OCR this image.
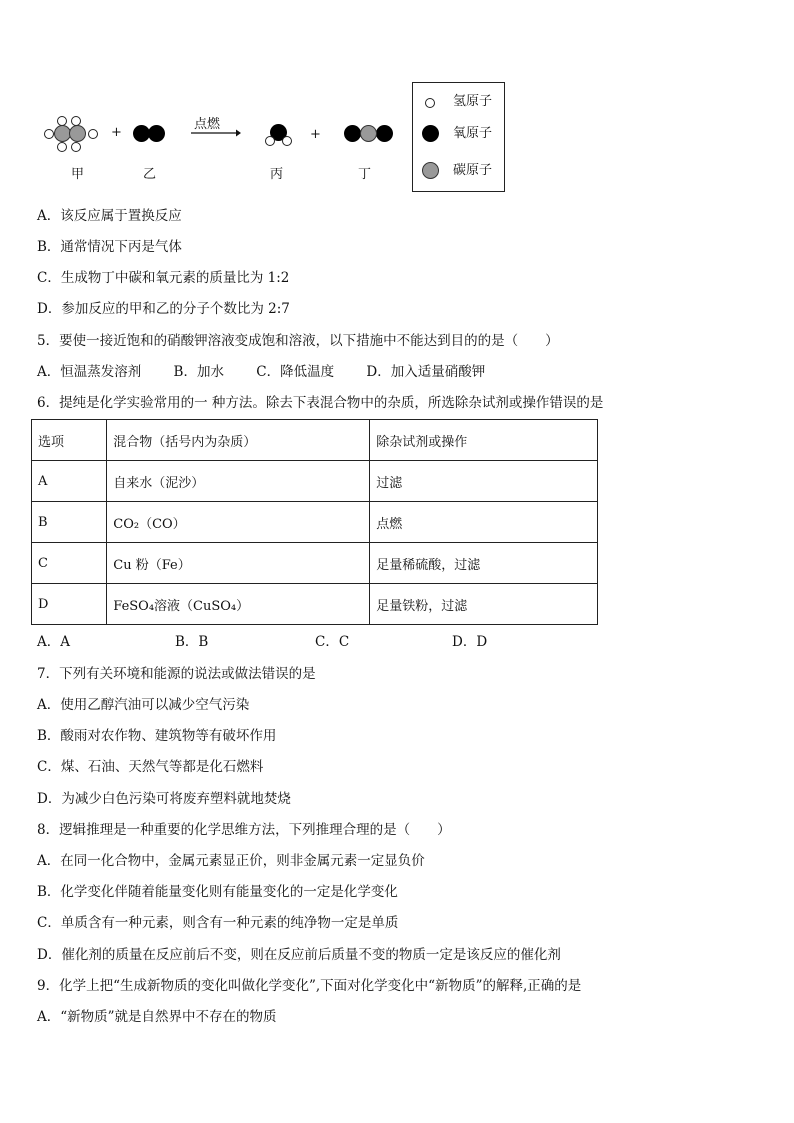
甲
+
乙
点燃
丙
+
丁
氢原子
氧原子
碳原子
A．该反应属于置换反应
B．通常情况下丙是气体
C．生成物丁中碳和氧元素的质量比为 1:2
D．参加反应的甲和乙的分子个数比为 2:7
5．要使一接近饱和的硝酸钾溶液变成饱和溶液，以下措施中不能达到目的的是（　　）
A．恒温蒸发溶剂 B．加水 C．降低温度 D．加入适量硝酸钾
6．提纯是化学实验常用的一 种方法。除去下表混合物中的杂质，所选除杂试剂或操作错误的是
选项	混合物（括号内为杂质）	除杂试剂或操作
A	自来水（泥沙）	过滤
B	CO₂（CO）	点燃
C	Cu 粉（Fe）	足量稀硫酸，过滤
D	FeSO₄溶液（CuSO₄）	足量铁粉，过滤
A．A	B．B	C．C	D．D
7．下列有关环境和能源的说法或做法错误的是
A．使用乙醇汽油可以减少空气污染
B．酸雨对农作物、建筑物等有破坏作用
C．煤、石油、天然气等都是化石燃料
D．为减少白色污染可将废弃塑料就地焚烧
8．逻辑推理是一种重要的化学思维方法，下列推理合理的是（　　）
A．在同一化合物中，金属元素显正价，则非金属元素一定显负价
B．化学变化伴随着能量变化则有能量变化的一定是化学变化
C．单质含有一种元素，则含有一种元素的纯净物一定是单质
D．催化剂的质量在反应前后不变，则在反应前后质量不变的物质一定是该反应的催化剂
9．化学上把“生成新物质的变化叫做化学变化”,下面对化学变化中“新物质”的解释,正确的是
A．“新物质”就是自然界中不存在的物质
